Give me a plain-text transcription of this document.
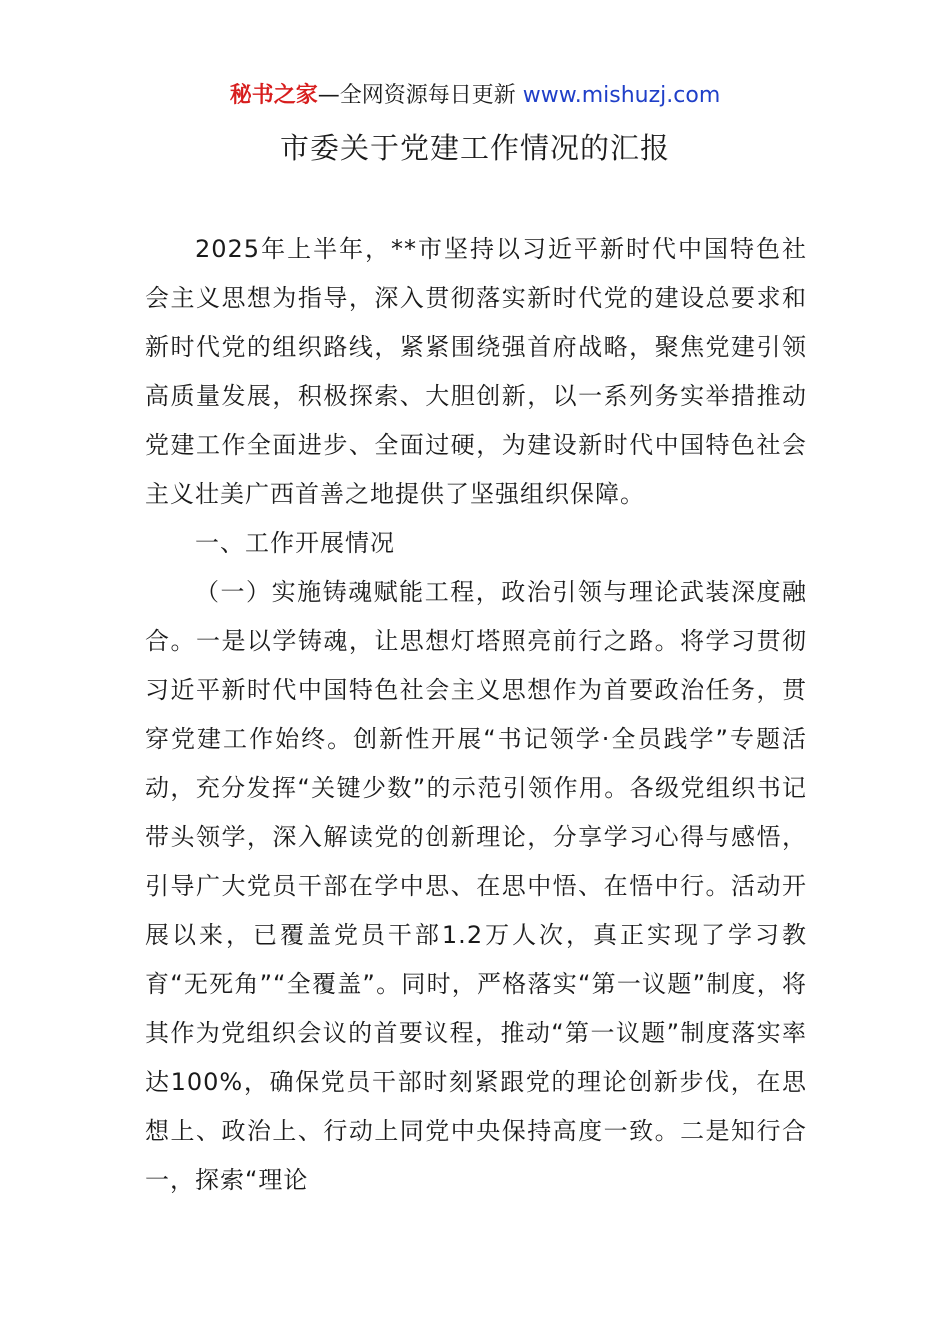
秘书之家—全网资源每日更新 www.mishuzj.com
市委关于党建工作情况的汇报

2025年上半年，**市坚持以习近平新时代中国特色社会主义思想为指导，深入贯彻落实新时代党的建设总要求和新时代党的组织路线，紧紧围绕强首府战略，聚焦党建引领高质量发展，积极探索、大胆创新，以一系列务实举措推动党建工作全面进步、全面过硬，为建设新时代中国特色社会主义壮美广西首善之地提供了坚强组织保障。

一、工作开展情况

（一）实施铸魂赋能工程，政治引领与理论武装深度融合。一是以学铸魂，让思想灯塔照亮前行之路。将学习贯彻习近平新时代中国特色社会主义思想作为首要政治任务，贯穿党建工作始终。创新性开展“书记领学·全员践学”专题活动，充分发挥“关键少数”的示范引领作用。各级党组织书记带头领学，深入解读党的创新理论，分享学习心得与感悟，引导广大党员干部在学中思、在思中悟、在悟中行。活动开展以来，已覆盖党员干部1.2万人次，真正实现了学习教育“无死角”“全覆盖”。同时，严格落实“第一议题”制度，将其作为党组织会议的首要议程，推动“第一议题”制度落实率达100%，确保党员干部时刻紧跟党的理论创新步伐，在思想上、政治上、行动上同党中央保持高度一致。二是知行合一，探索“理论
